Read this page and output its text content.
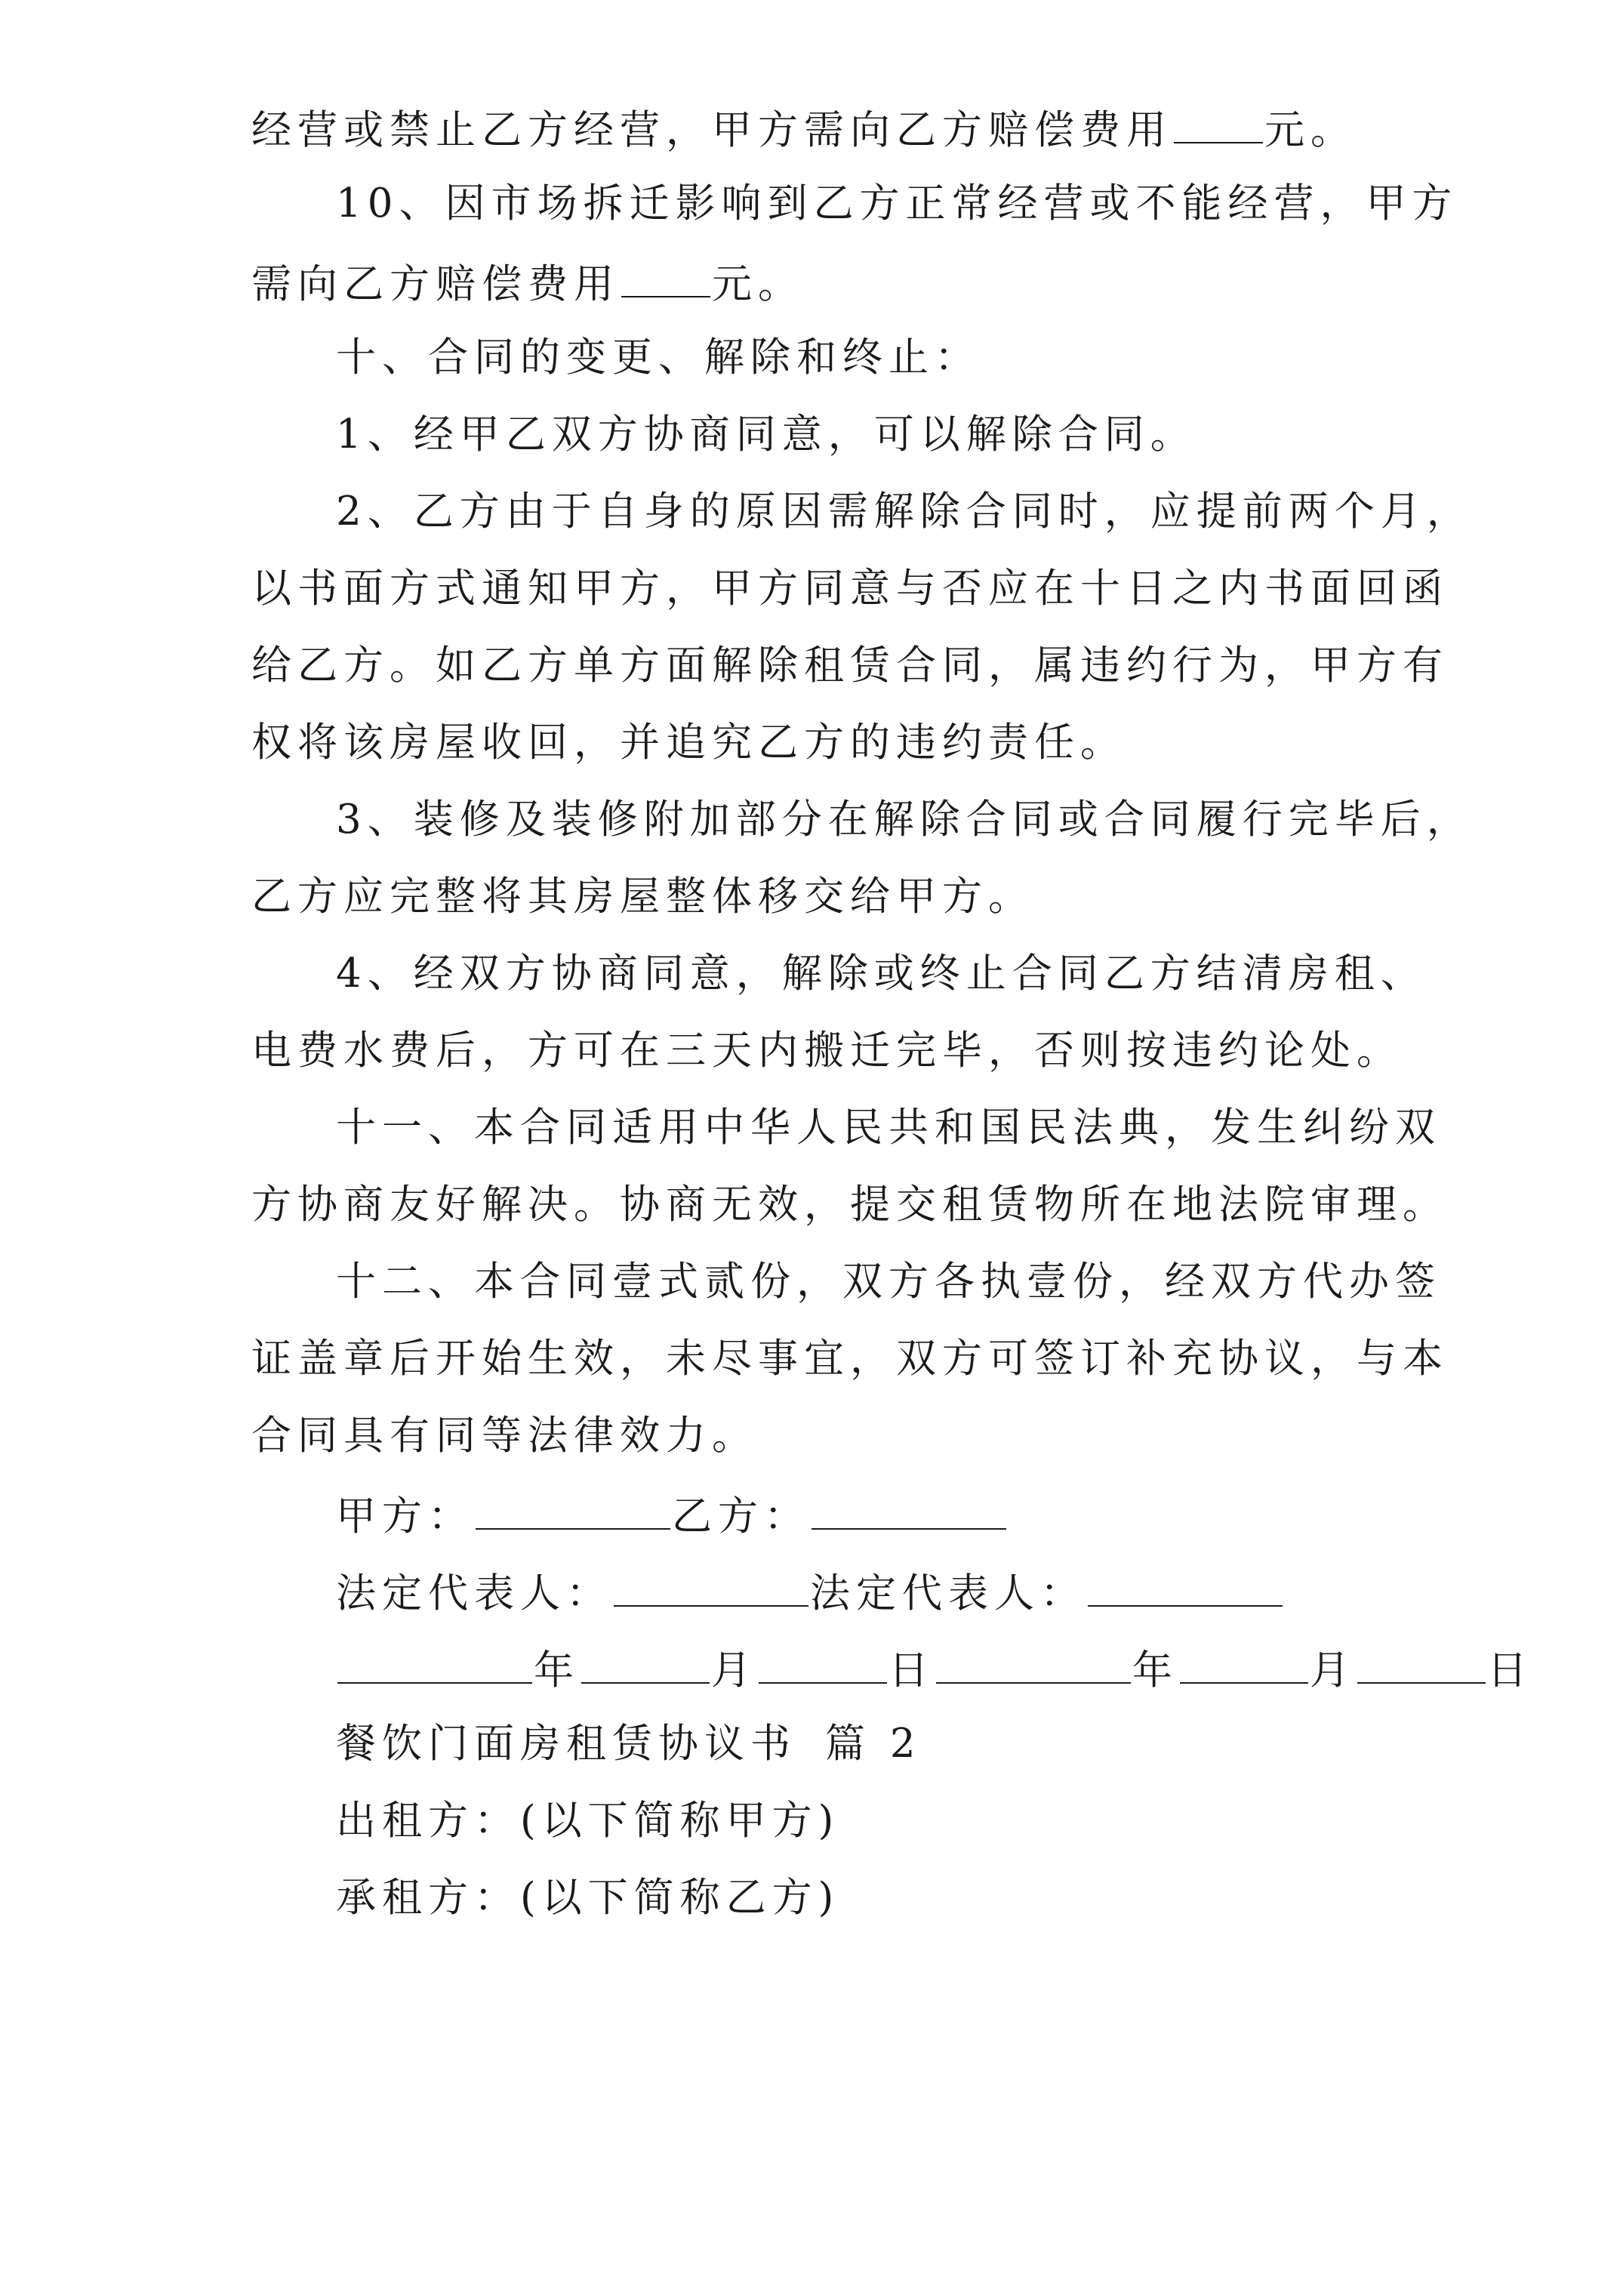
经营或禁止乙方经营，甲方需向乙方赔偿费用 元。
10、因市场拆迁影响到乙方正常经营或不能经营，甲方
需向乙方赔偿费用 元。
十、合同的变更、解除和终止：
1、经甲乙双方协商同意，可以解除合同。
2、乙方由于自身的原因需解除合同时，应提前两个月，
以书面方式通知甲方，甲方同意与否应在十日之内书面回函
给乙方。如乙方单方面解除租赁合同，属违约行为，甲方有
权将该房屋收回，并追究乙方的违约责任。
3、装修及装修附加部分在解除合同或合同履行完毕后，
乙方应完整将其房屋整体移交给甲方。
4、经双方协商同意，解除或终止合同乙方结清房租、
电费水费后，方可在三天内搬迁完毕，否则按违约论处。
十一、本合同适用中华人民共和国民法典，发生纠纷双
方协商友好解决。协商无效，提交租赁物所在地法院审理。
十二、本合同壹式贰份，双方各执壹份，经双方代办签
证盖章后开始生效，未尽事宜，双方可签订补充协议，与本
合同具有同等法律效力。
甲方：	乙方：
法定代表人：	法定代表人：
年	月	日	年	月	日
餐饮门面房租赁协议书 篇 2
出租方：(以下简称甲方)
承租方：(以下简称乙方)
